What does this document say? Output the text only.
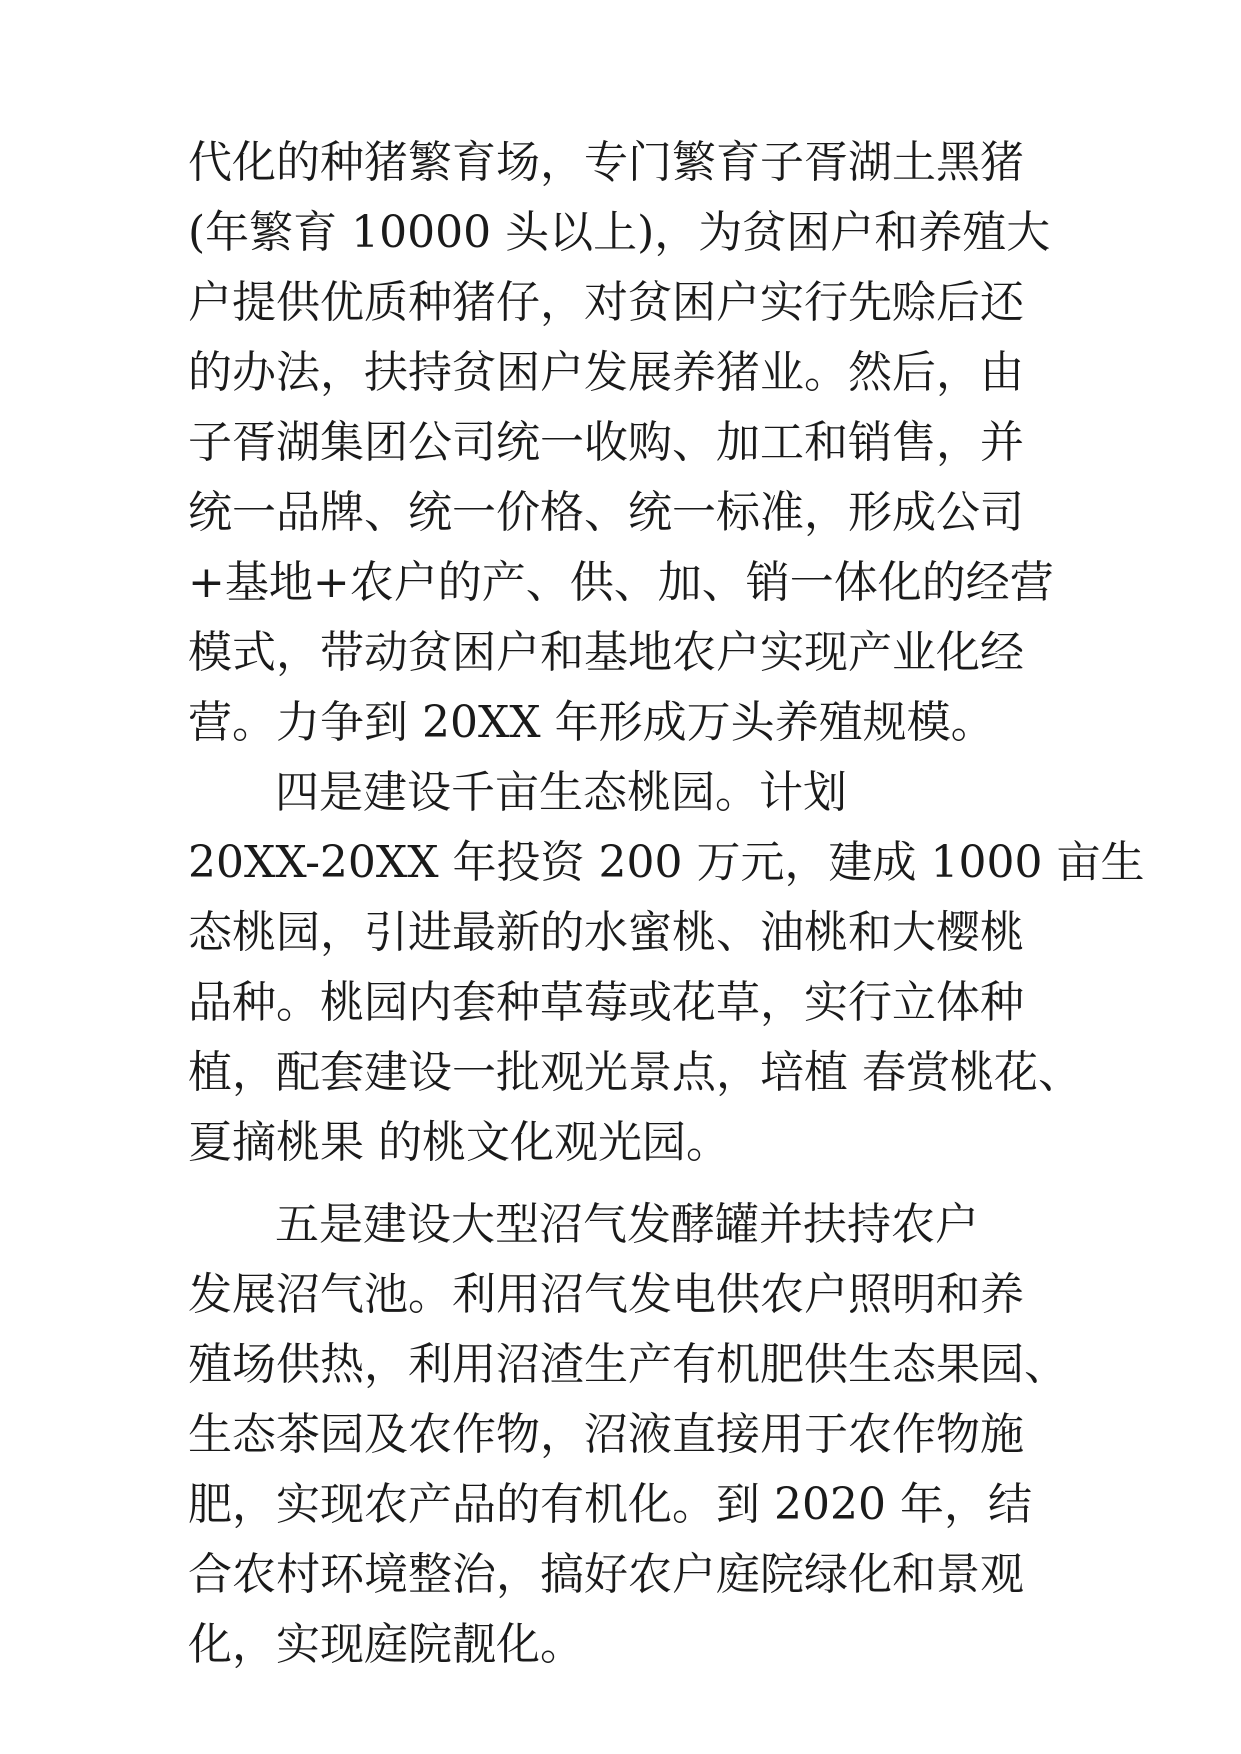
代化的种猪繁育场，专门繁育子胥湖土黑猪
(年繁育 10000 头以上)，为贫困户和养殖大
户提供优质种猪仔，对贫困户实行先赊后还
的办法，扶持贫困户发展养猪业。然后，由
子胥湖集团公司统一收购、加工和销售，并
统一品牌、统一价格、统一标准，形成公司
+基地+农户的产、供、加、销一体化的经营
模式，带动贫困户和基地农户实现产业化经
营。力争到 20XX 年形成万头养殖规模。
四是建设千亩生态桃园。计划
20XX-20XX 年投资 200 万元，建成 1000 亩生
态桃园，引进最新的水蜜桃、油桃和大樱桃
品种。桃园内套种草莓或花草，实行立体种
植，配套建设一批观光景点，培植 春赏桃花、
夏摘桃果 的桃文化观光园。
五是建设大型沼气发酵罐并扶持农户
发展沼气池。利用沼气发电供农户照明和养
殖场供热，利用沼渣生产有机肥供生态果园、
生态茶园及农作物，沼液直接用于农作物施
肥，实现农产品的有机化。到 2020 年，结
合农村环境整治，搞好农户庭院绿化和景观
化，实现庭院靓化。
